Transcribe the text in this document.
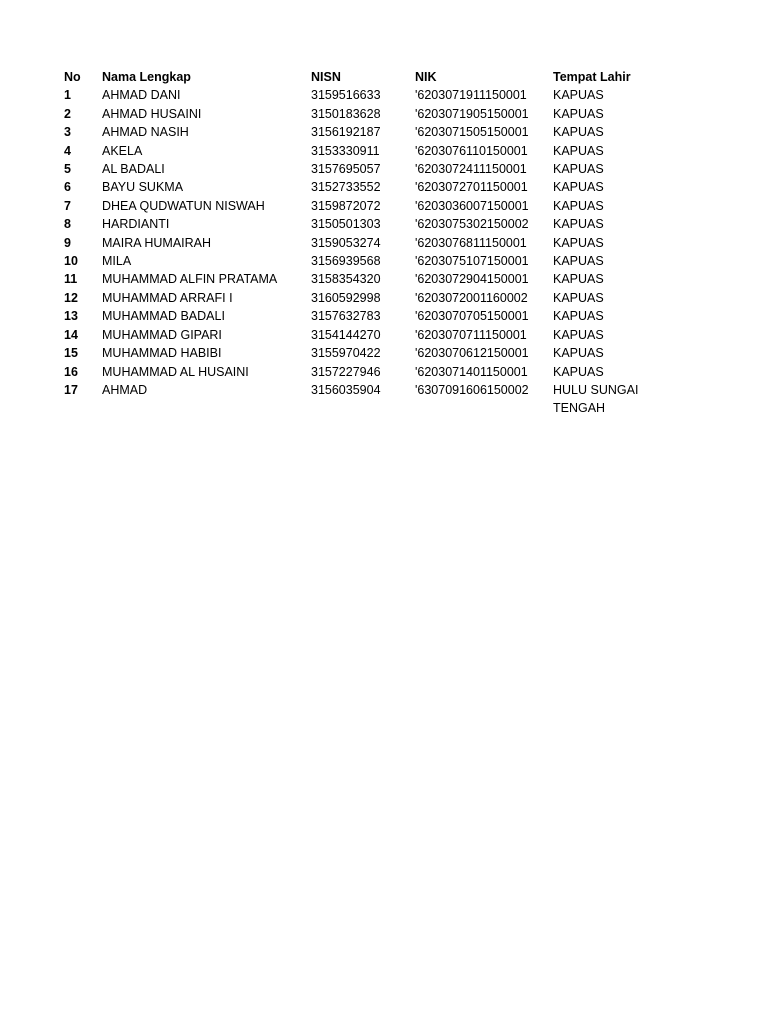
No	Nama Lengkap	NISN	NIK	Tempat Lahir
1	AHMAD DANI	3159516633	'6203071911150001	KAPUAS
2	AHMAD HUSAINI	3150183628	'6203071905150001	KAPUAS
3	AHMAD NASIH	3156192187	'6203071505150001	KAPUAS
4	AKELA	3153330911	'6203076110150001	KAPUAS
5	AL BADALI	3157695057	'6203072411150001	KAPUAS
6	BAYU SUKMA	3152733552	'6203072701150001	KAPUAS
7	DHEA QUDWATUN NISWAH	3159872072	'6203036007150001	KAPUAS
8	HARDIANTI	3150501303	'6203075302150002	KAPUAS
9	MAIRA HUMAIRAH	3159053274	'6203076811150001	KAPUAS
10	MILA	3156939568	'6203075107150001	KAPUAS
11	MUHAMMAD ALFIN PRATAMA	3158354320	'6203072904150001	KAPUAS
12	MUHAMMAD ARRAFI I	3160592998	'6203072001160002	KAPUAS
13	MUHAMMAD BADALI	3157632783	'6203070705150001	KAPUAS
14	MUHAMMAD GIPARI	3154144270	'6203070711150001	KAPUAS
15	MUHAMMAD HABIBI	3155970422	'6203070612150001	KAPUAS
16	MUHAMMAD AL HUSAINI	3157227946	'6203071401150001	KAPUAS
17	AHMAD	3156035904	'6307091606150002	HULU SUNGAI TENGAH
